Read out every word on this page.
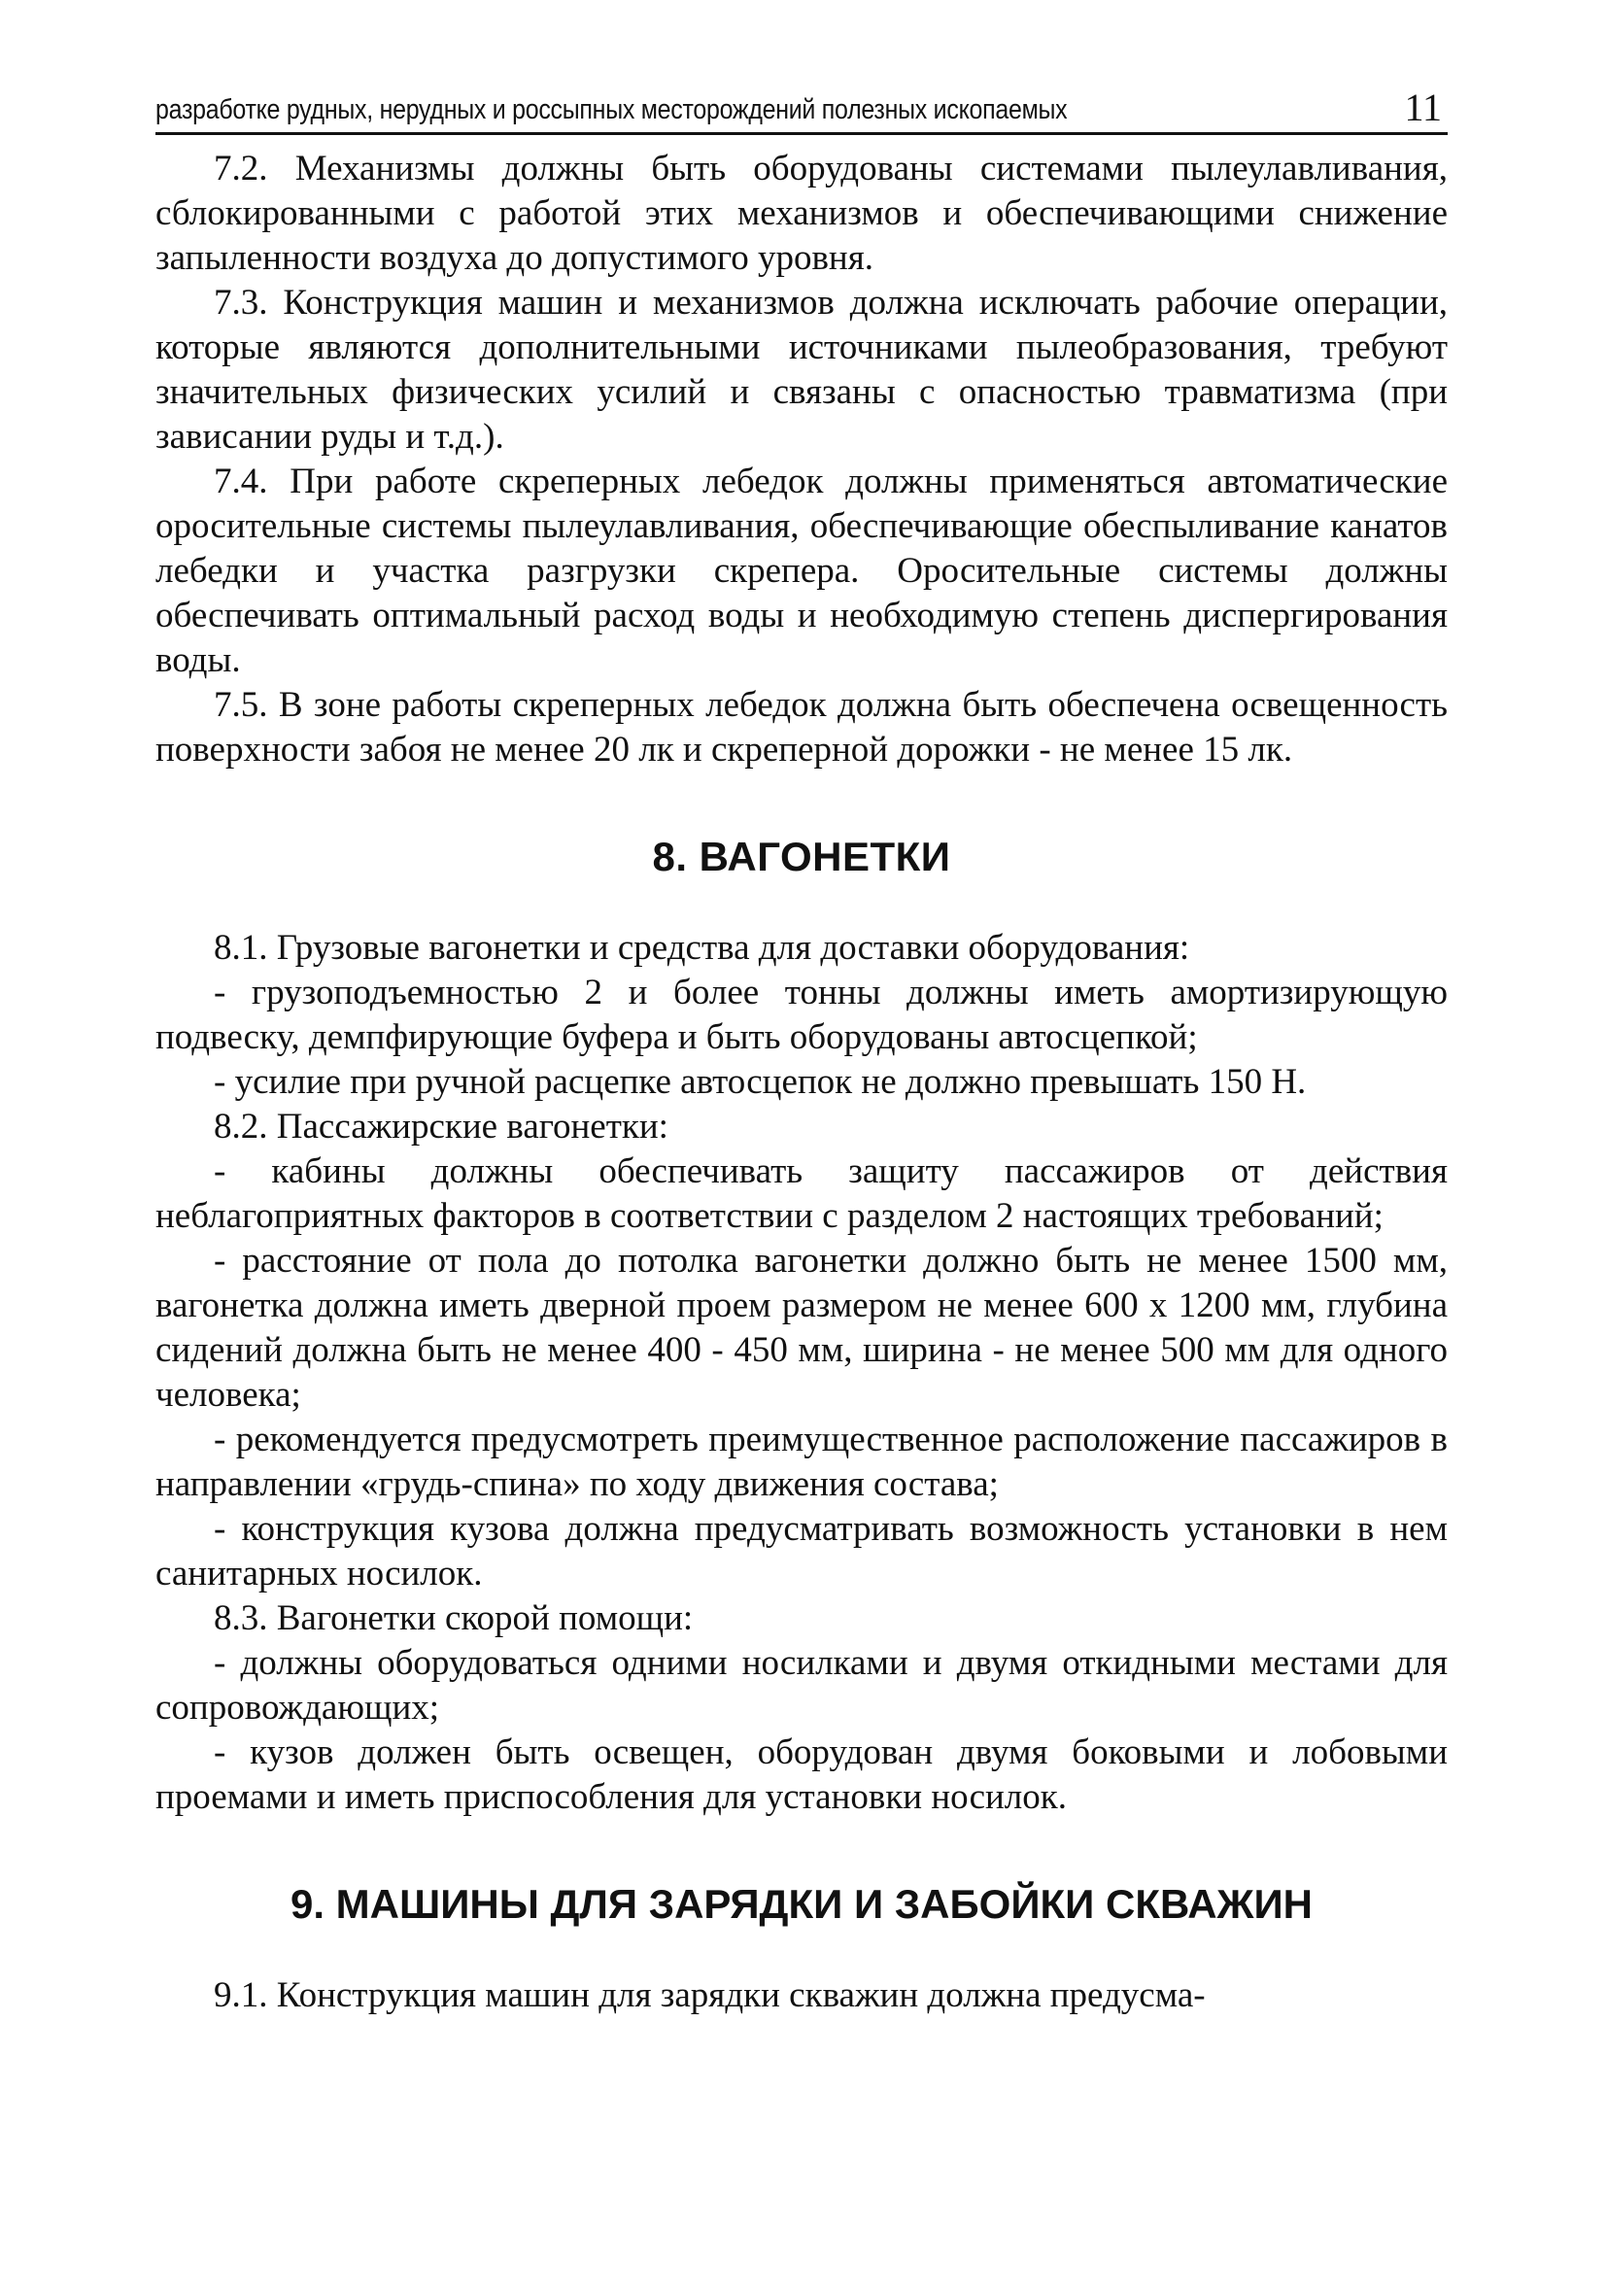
разработке рудных, нерудных и россыпных месторождений полезных ископаемых	11

7.2. Механизмы должны быть оборудованы системами пылеулавливания, сблокированными с работой этих механизмов и обеспечивающими снижение запыленности воздуха до допустимого уровня.

7.3. Конструкция машин и механизмов должна исключать рабочие операции, которые являются дополнительными источниками пылеобразования, требуют значительных физических усилий и связаны с опасностью травматизма (при зависании руды и т.д.).

7.4. При работе скреперных лебедок должны применяться автоматические оросительные системы пылеулавливания, обеспечивающие обеспыливание канатов лебедки и участка разгрузки скрепера. Оросительные системы должны обеспечивать оптимальный расход воды и необходимую степень диспергирования воды.

7.5. В зоне работы скреперных лебедок должна быть обеспечена освещенность поверхности забоя не менее 20 лк и скреперной дорожки - не менее 15 лк.

8. ВАГОНЕТКИ

8.1. Грузовые вагонетки и средства для доставки оборудования:

- грузоподъемностью 2 и более тонны должны иметь амортизирующую подвеску, демпфирующие буфера и быть оборудованы автосцепкой;

- усилие при ручной расцепке автосцепок не должно превышать 150 Н.

8.2. Пассажирские вагонетки:

- кабины должны обеспечивать защиту пассажиров от действия неблагоприятных факторов в соответствии с разделом 2 настоящих требований;

- расстояние от пола до потолка вагонетки должно быть не менее 1500 мм, вагонетка должна иметь дверной проем размером не менее 600 х 1200 мм, глубина сидений должна быть не менее 400 - 450 мм, ширина - не менее 500 мм для одного человека;

- рекомендуется предусмотреть преимущественное расположение пассажиров в направлении «грудь-спина» по ходу движения состава;

- конструкция кузова должна предусматривать возможность установки в нем санитарных носилок.

8.3. Вагонетки скорой помощи:

- должны оборудоваться одними носилками и двумя откидными местами для сопровождающих;

- кузов должен быть освещен, оборудован двумя боковыми и лобовыми проемами и иметь приспособления для установки носилок.

9. МАШИНЫ ДЛЯ ЗАРЯДКИ И ЗАБОЙКИ СКВАЖИН

9.1. Конструкция машин для зарядки скважин должна предусма-
